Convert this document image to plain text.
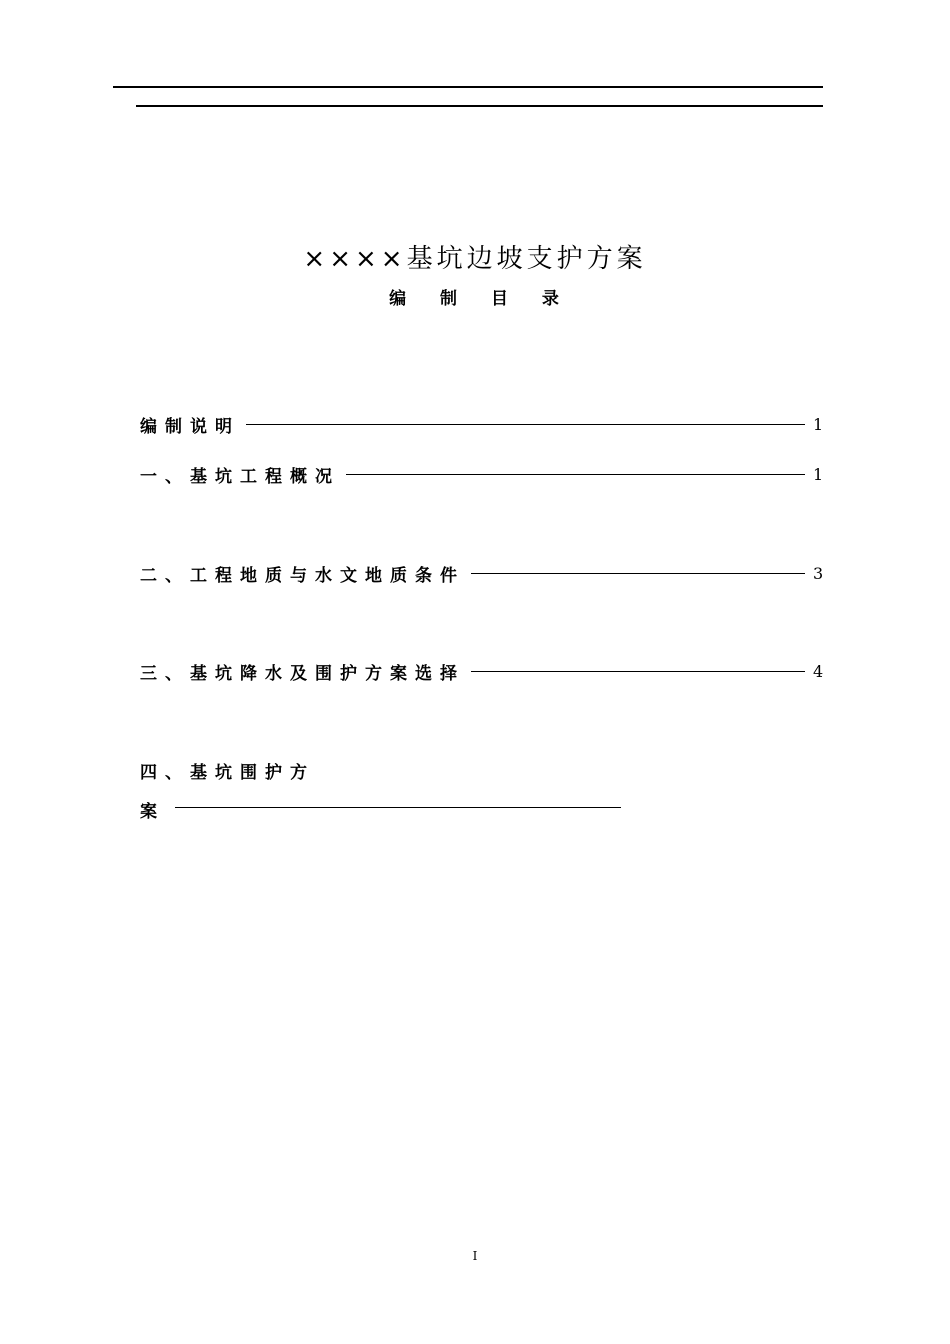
××××基坑边坡支护方案
编 制 目 录
编制说明	1
一、基坑工程概况	1
二、工程地质与水文地质条件	3
三、基坑降水及围护方案选择	4
四、基坑围护方
案
I
